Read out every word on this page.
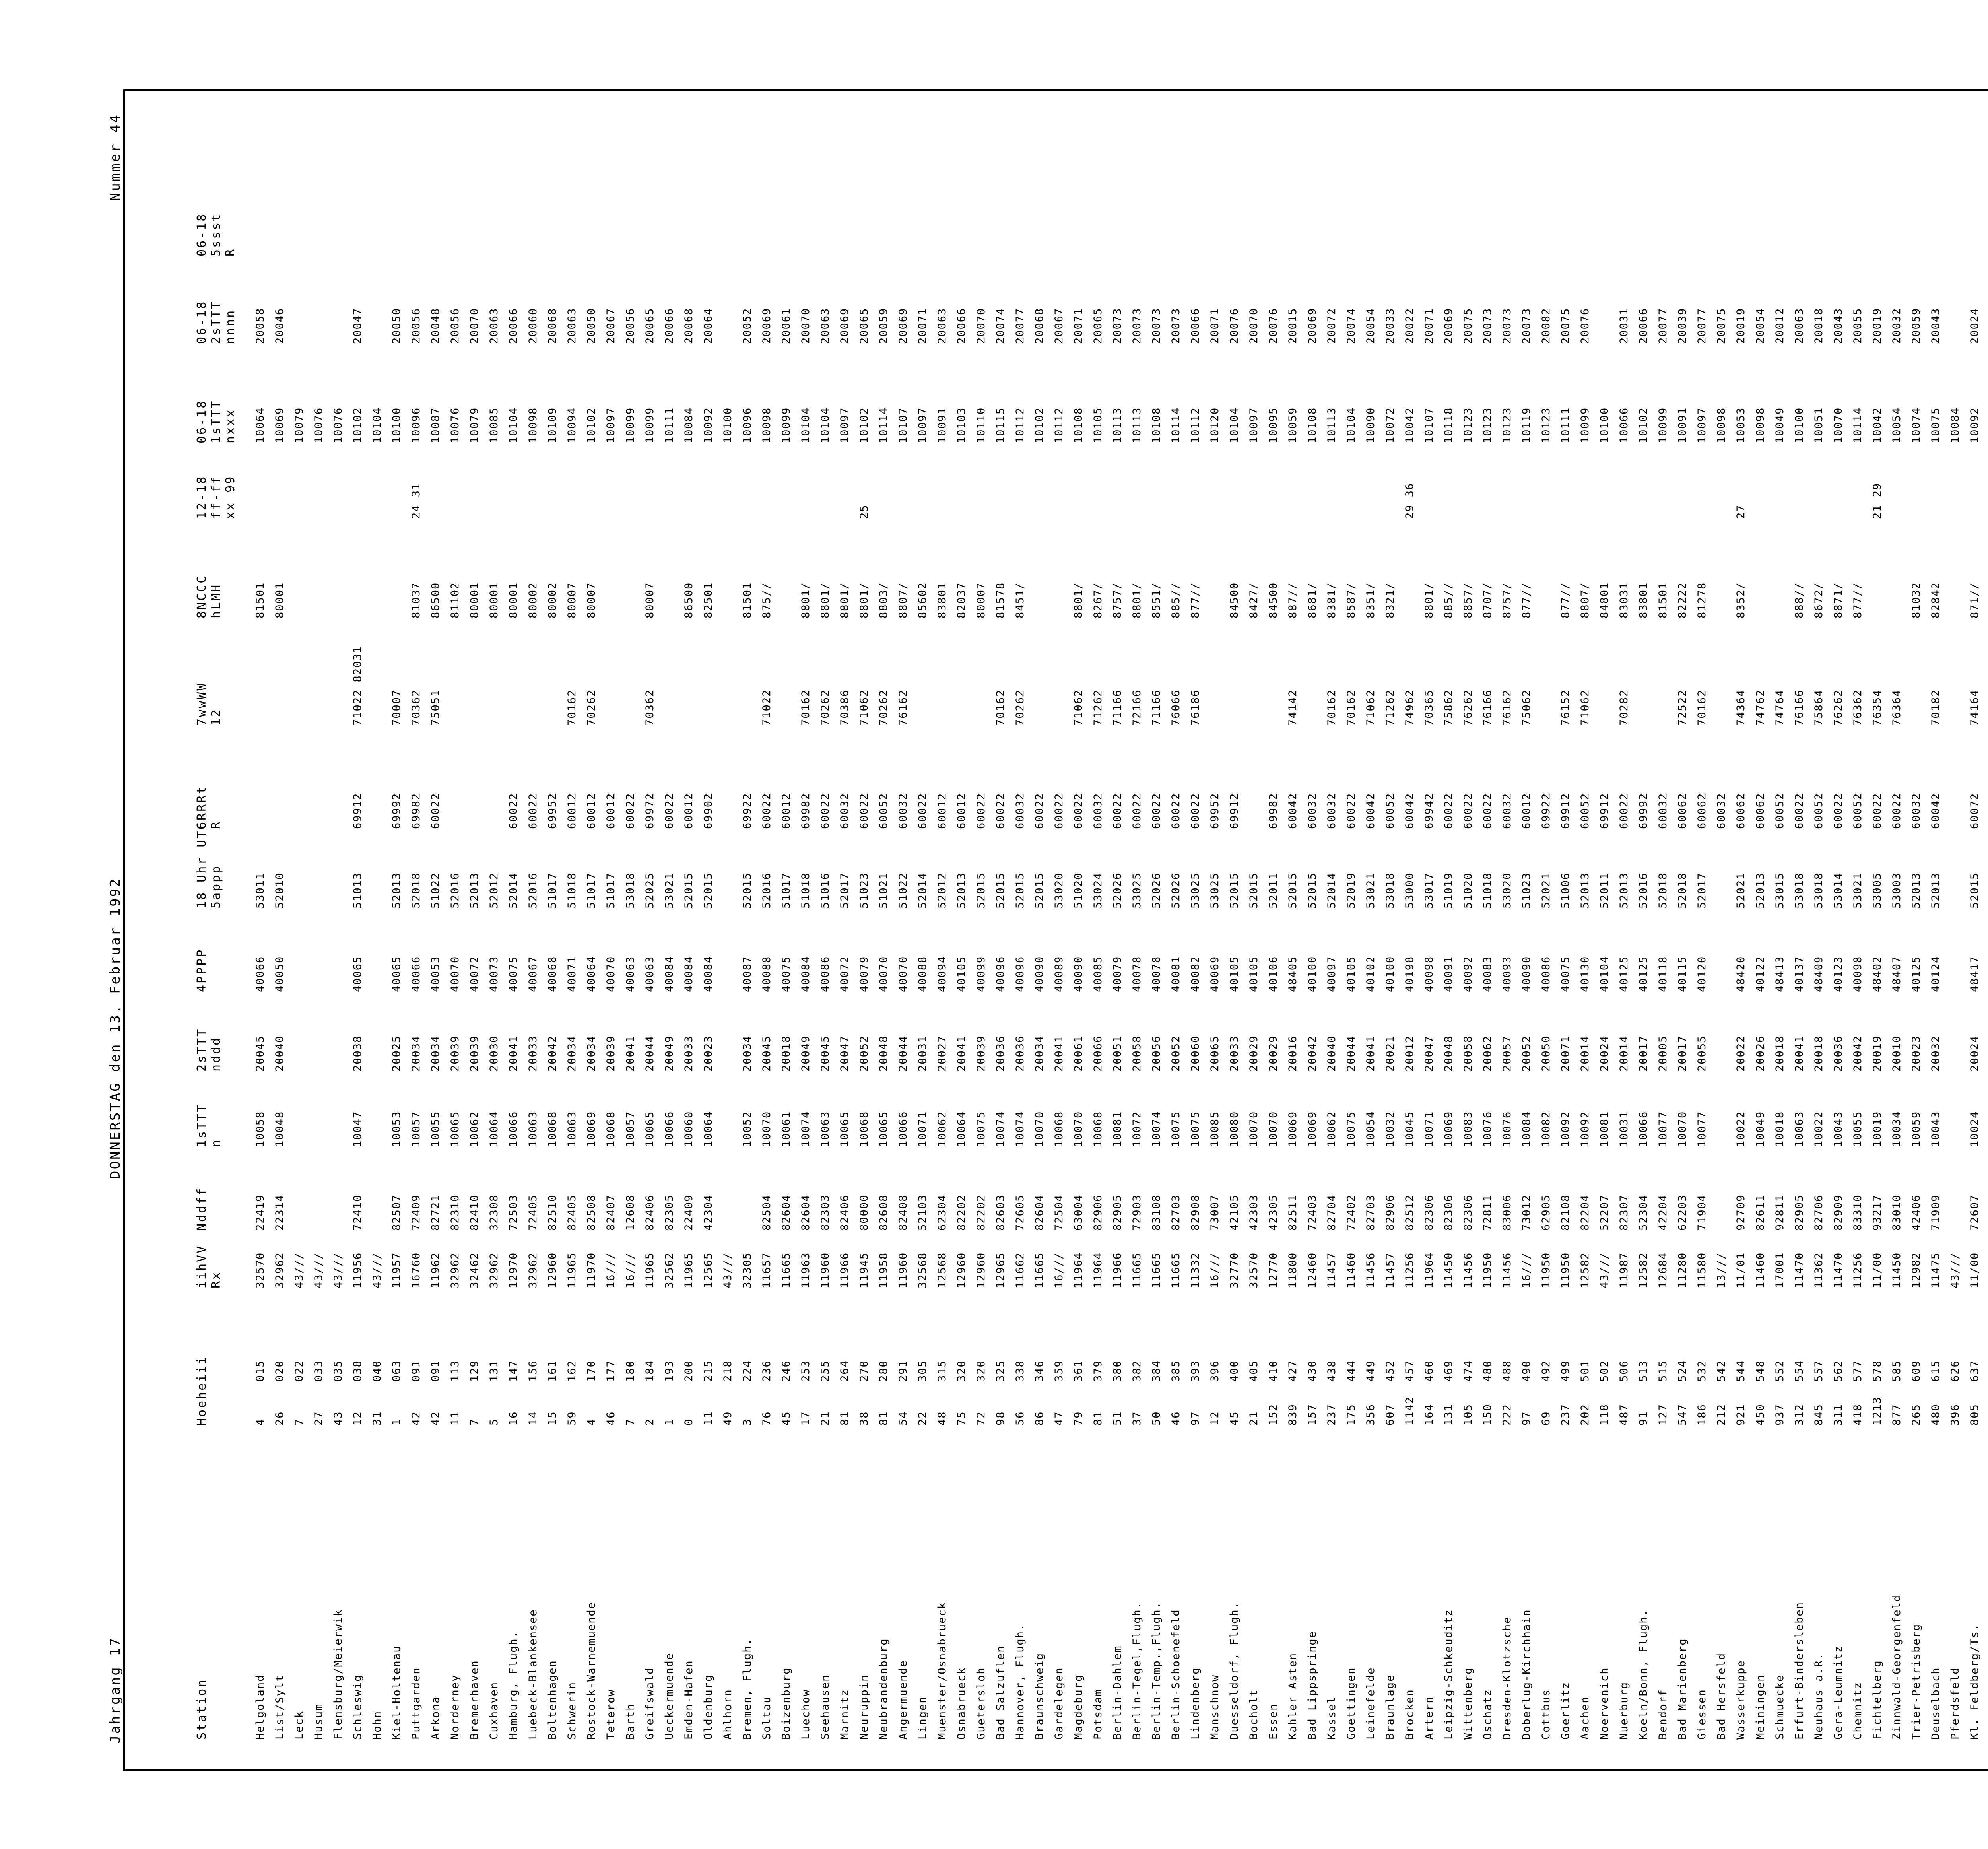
Jahrgang 17
DONNERSTAG den 13. Februar 1992
Nummer 44
Station
Hoehe
iii

iihVV
Rx
Nddff
1sTTT
n
2sTTT
nddd
4PPPP
18 Uhr UTC
5appp
6RRRt
R
7wwWW
12
8NCCC
hLMH
12-18
ff-ff
xx 99
06-18
1sTTT
nxxx
06-18
2sTTT
nnnn
06-18
5ssst
R
Helgoland
4
015
32570
22419
10058
20045
40066
53011
81501
10064
20058
List/Sylt
26
020
32962
22314
10048
20040
40050
52010
80001
10069
20046
Leck
7
022
43///
10079
Husum
27
033
43///
10076
Flensburg/Meierwik
43
035
43///
10076
Schleswig
12
038
11956
72410
10047
20038
40065
51013
69912
71022 82031
10102
20047
Hohn
31
040
43///
10104
Kiel-Holtenau
1
063
11957
82507
10053
20025
40065
52013
69992
70007
10100
20050
Puttgarden
42
091
16760
72409
10057
20034
40066
52018
69982
70362
81037
24 31
10096
20056
Arkona
42
091
11962
82721
10055
20034
40053
51022
60022
75051
86500
10087
20048
Norderney
11
113
32962
82310
10065
20039
40070
52016
81102
10076
20056
Bremerhaven
7
129
32462
82410
10062
20039
40072
52013
80001
10079
20070
Cuxhaven
5
131
32962
32308
10064
20030
40073
52012
80001
10085
20063
Hamburg, Flugh.
16
147
12970
72503
10066
20041
40075
52014
60022
80001
10104
20066
Luebeck-Blankensee
14
156
32962
72405
10063
20033
40067
52016
60022
80002
10098
20060
Boltenhagen
15
161
12960
82510
10068
20042
40068
51017
69952
80002
10109
20068
Schwerin
59
162
11965
82405
10063
20034
40071
51018
60012
70162
80007
10094
20063
Rostock-Warnemuende
4
170
11970
82508
10069
20034
40064
51017
60012
70262
80007
10102
20050
Teterow
46
177
16///
82407
10068
20039
40070
51017
60012
10097
20067
Barth
7
180
16///
12608
10057
20041
40063
53018
60022
10099
20056
Greifswald
2
184
11965
82406
10065
20044
40063
52025
69972
70362
80007
10099
20065
Ueckermuende
1
193
32562
82305
10066
20049
40084
53021
60022
10111
20066
Emden-Hafen
0
200
11965
22409
10060
20033
40084
52015
60012
86500
10084
20068
Oldenburg
11
215
12565
42304
10064
20023
40084
52015
69902
82501
10092
20064
Ahlhorn
49
218
43///
10100
Bremen, Flugh.
3
224
32305
10052
20034
40087
52015
69922
81501
10096
20052
Soltau
76
236
11657
82504
10070
20045
40088
52016
60022
71022
875//
10098
20069
Boizenburg
45
246
11665
82604
10061
20018
40075
51017
60012
10099
20061
Luechow
17
253
11963
82604
10074
20049
40084
51018
69982
70162
8801/
10104
20070
Seehausen
21
255
11960
82303
10063
20045
40086
51016
60022
70262
8801/
10104
20063
Marnitz
81
264
11966
82406
10065
20047
40072
52017
60032
70386
8801/
10097
20069
Neuruppin
38
270
11945
80000
10068
20052
40079
51023
60022
71062
8801/
25
10102
20065
Neubrandenburg
81
280
11958
82608
10065
20048
40070
51021
60052
70262
8803/
10114
20059
Angermuende
54
291
11960
82408
10066
20044
40070
51022
60032
76162
8807/
10107
20069
Lingen
22
305
32568
52103
10071
20031
40088
52014
60022
85602
10097
20071
Muenster/Osnabrueck
48
315
12568
62304
10062
20027
40094
52012
60012
83801
10091
20063
Osnabrueck
75
320
12960
82202
10064
20041
40105
52013
60012
82037
10103
20066
Guetersloh
72
320
12960
82202
10075
20039
40099
52015
60022
80007
10110
20070
Bad Salzuflen
98
325
12965
82603
10074
20036
40096
52015
60022
70162
81578
10115
20074
Hannover, Flugh.
56
338
11662
72605
10074
20036
40096
52015
60032
70262
8451/
10112
20077
Braunschweig
86
346
11665
82604
10070
20034
40090
52015
60022
10102
20068
Gardelegen
47
359
16///
72504
10068
20041
40089
53020
60022
10112
20067
Magdeburg
79
361
11964
63004
10070
20061
40090
51020
60022
71062
8801/
10108
20071
Potsdam
81
379
11964
82906
10068
20066
40085
53024
60032
71262
8267/
10105
20065
Berlin-Dahlem
51
380
11966
82905
10081
20051
40079
52026
60022
71166
8757/
10113
20073
Berlin-Tegel,Flugh.
37
382
11665
72903
10072
20058
40078
53025
60022
72166
8801/
10113
20073
Berlin-Temp.,Flugh.
50
384
11665
83108
10074
20056
40078
52026
60022
71166
8551/
10108
20073
Berlin-Schoenefeld
46
385
11665
82703
10075
20052
40081
52026
60022
76066
885//
10114
20073
Lindenberg
97
393
11332
82908
10075
20060
40082
53025
60022
76186
877//
10112
20066
Manschnow
12
396
16///
73007
10085
20065
40069
53025
69952
10120
20071
Duesseldorf, Flugh.
45
400
32770
42105
10080
20033
40105
52015
69912
84500
10104
20076
Bocholt
21
405
32570
42303
10070
20029
40105
52015
8427/
10097
20070
Essen
152
410
12770
42305
10070
20029
40106
52011
69982
84500
10095
20076
Kahler Asten
839
427
11800
82511
10069
20016
48405
52015
60042
74142
887//
10059
20015
Bad Lippspringe
157
430
12460
72403
10069
20042
40100
52015
60032
8681/
10108
20069
Kassel
237
438
11457
82704
10062
20040
40097
52014
60032
70162
8381/
10113
20072
Goettingen
175
444
11460
72402
10075
20044
40105
52019
60022
70162
8587/
10104
20074
Leinefelde
356
449
11456
82703
10054
20041
40102
53021
60042
71062
8351/
10090
20054
Braunlage
607
452
11457
82906
10032
20021
40100
53018
60052
71262
8321/
10072
20033
Brocken
1142
457
11256
82512
10045
20012
40198
53000
60042
74962
29 36
10042
20022
Artern
164
460
11964
82306
10071
20047
40098
53017
69942
70365
8801/
10107
20071
Leipzig-Schkeuditz
131
469
11450
82306
10069
20048
40091
51019
60022
75862
885//
10118
20069
Wittenberg
105
474
11456
82306
10083
20058
40092
51020
60022
76262
8857/
10123
20075
Oschatz
150
480
11950
72811
10076
20062
40083
51018
60022
76166
8707/
10123
20073
Dresden-Klotzsche
222
488
11456
83006
10076
20057
40093
53020
60032
76162
8757/
10123
20073
Doberlug-Kirchhain
97
490
16///
73012
10084
20052
40090
51023
60012
75062
877//
10119
20073
Cottbus
69
492
11950
62905
10082
20050
40086
52021
69922
10123
20082
Goerlitz
237
499
11950
82108
10092
20071
40075
51006
69912
76152
877//
10111
20075
Aachen
202
501
12582
82204
10092
20014
40130
52013
60052
71062
8807/
10099
20076
Noervenich
118
502
43///
52207
10081
20024
40104
52011
69912
84801
10100
Nuerburg
487
506
11987
82307
10031
20014
40125
52013
60022
70282
83031
10066
20031
Koeln/Bonn, Flugh.
91
513
12582
52304
10066
20017
40125
52016
69992
83801
10102
20066
Bendorf
127
515
12684
42204
10077
20005
40118
52018
60032
81501
10099
20077
Bad Marienberg
547
524
11280
62203
10070
20017
40115
52018
60062
72522
82222
10091
20039
Giessen
186
532
11580
71904
10077
20055
40120
52017
60062
70162
81278
10097
20077
Bad Hersfeld
212
542
13///
60032
10098
20075
Wasserkuppe
921
544
11/01
92709
10022
20022
48420
52021
60062
74364
8352/
27
10053
20019
Meiningen
450
548
11460
82611
10049
20026
40122
52013
60062
74762
10098
20054
Schmuecke
937
552
17001
92811
10018
20018
48413
53015
60052
74764
10049
20012
Erfurt-Bindersleben
312
554
11470
82905
10063
20041
40137
53018
60022
76166
888//
10100
20063
Neuhaus a.R.
845
557
11362
82706
10022
20018
48409
53018
60052
75864
8672/
10051
20018
Gera-Leumnitz
311
562
11470
82909
10043
20036
40123
53014
60022
76262
8871/
10070
20043
Chemnitz
418
577
11256
83310
10055
20042
40098
53021
60052
76362
877//
10114
20055
Fichtelberg
1213
578
11/00
93217
10019
20019
48402
53005
60022
76354
21 29
10042
20019
Zinnwald-Georgenfeld
877
585
11450
83010
10034
20010
48407
53003
60022
76364
10054
20032
Trier-Petrisberg
265
609
12982
42406
10059
20023
40125
52013
60032
81032
10074
20059
Deuselbach
480
615
11475
71909
10043
20032
40124
52013
60042
70182
82842
10075
20043
Pferdsfeld
396
626
43///
10084
Kl. Feldberg/Ts.
805
637
11/00
72607
10024
20024
48417
52015
60072
74164
871//
10092
20024
